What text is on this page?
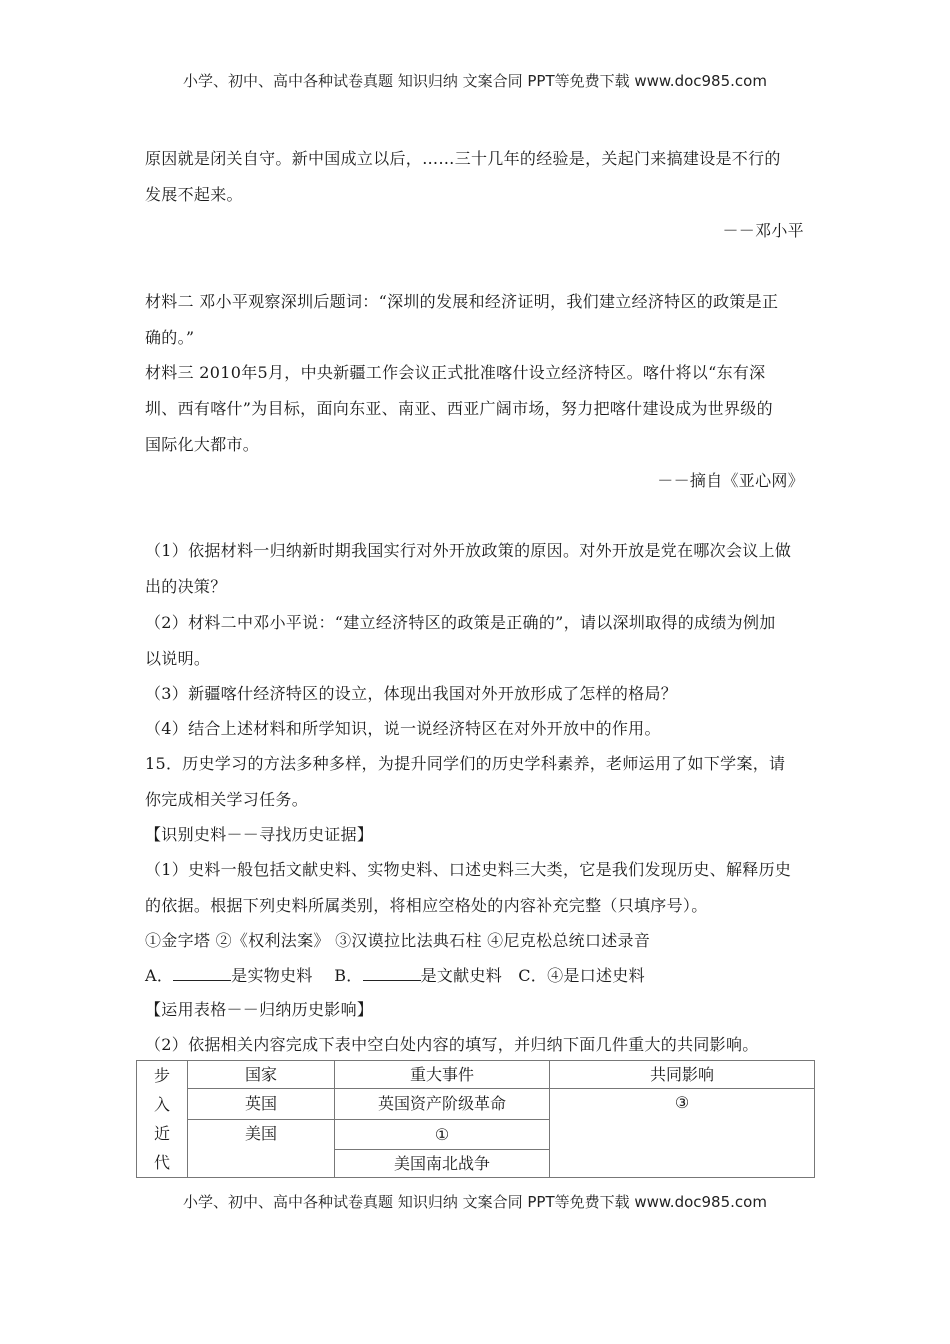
小学、初中、高中各种试卷真题 知识归纳 文案合同 PPT等免费下载 www.doc985.com
原因就是闭关自守。新中国成立以后，……三十几年的经验是，关起门来搞建设是不行的
发展不起来。
－－邓小平
材料二 邓小平观察深圳后题词：“深圳的发展和经济证明，我们建立经济特区的政策是正
确的。”
材料三 2010年5月，中央新疆工作会议正式批准喀什设立经济特区。喀什将以“东有深
圳、西有喀什”为目标，面向东亚、南亚、西亚广阔市场，努力把喀什建设成为世界级的
国际化大都市。
－－摘自《亚心网》
（1）依据材料一归纳新时期我国实行对外开放政策的原因。对外开放是党在哪次会议上做
出的决策？
（2）材料二中邓小平说：“建立经济特区的政策是正确的”，请以深圳取得的成绩为例加
以说明。
（3）新疆喀什经济特区的设立，体现出我国对外开放形成了怎样的格局？
（4）结合上述材料和所学知识，说一说经济特区在对外开放中的作用。
15．历史学习的方法多种多样，为提升同学们的历史学科素养，老师运用了如下学案，请
你完成相关学习任务。
【识别史料－－寻找历史证据】
（1）史料一般包括文献史料、实物史料、口述史料三大类，它是我们发现历史、解释历史
的依据。根据下列史料所属类别，将相应空格处的内容补充完整（只填序号）。
①金字塔 ②《权利法案》 ③汉谟拉比法典石柱 ④尼克松总统口述录音
A．	是实物史料 B．	是文献史料 C．④是口述史料
【运用表格－－归纳历史影响】
（2）依据相关内容完成下表中空白处内容的填写，并归纳下面几件重大的共同影响。
步
入
近
代	国家	重大事件	共同影响
	英国	英国资产阶级革命	③
	美国	①	
		美国南北战争	
小学、初中、高中各种试卷真题 知识归纳 文案合同 PPT等免费下载 www.doc985.com
